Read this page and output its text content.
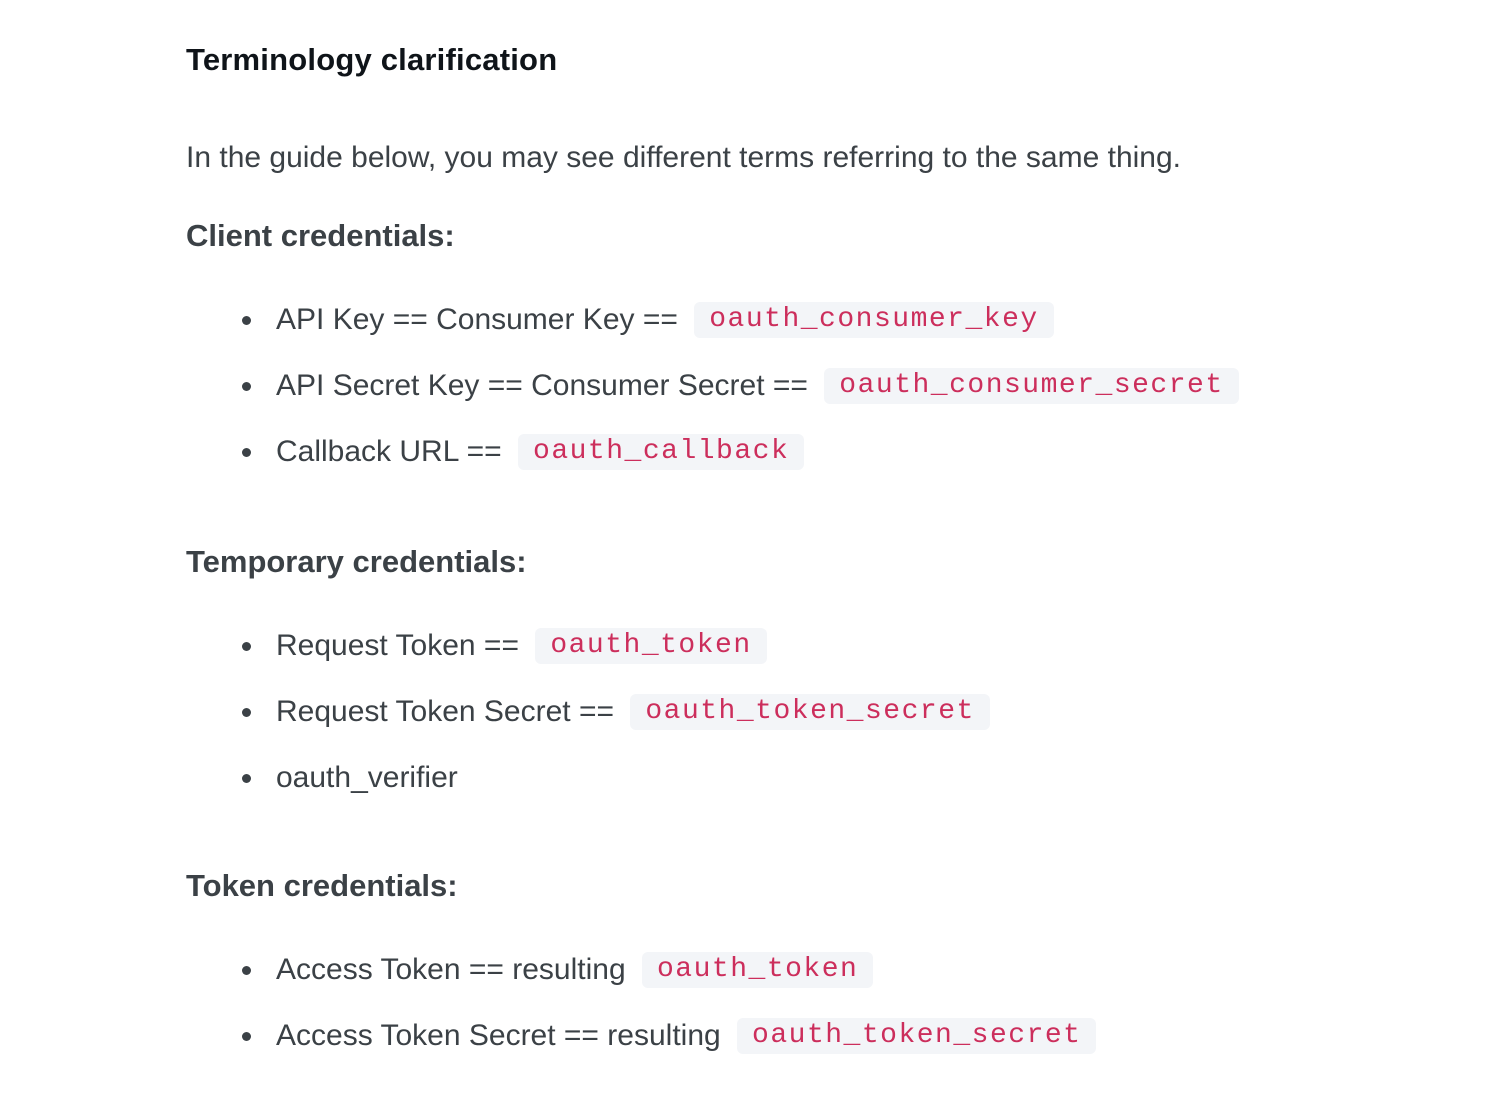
Terminology clarification

In the guide below, you may see different terms referring to the same thing.

Client credentials:
API Key == Consumer Key == oauth_consumer_key
API Secret Key == Consumer Secret == oauth_consumer_secret
Callback URL == oauth_callback
Temporary credentials:
Request Token == oauth_token
Request Token Secret == oauth_token_secret
oauth_verifier
Token credentials:
Access Token == resulting oauth_token
Access Token Secret == resulting oauth_token_secret
